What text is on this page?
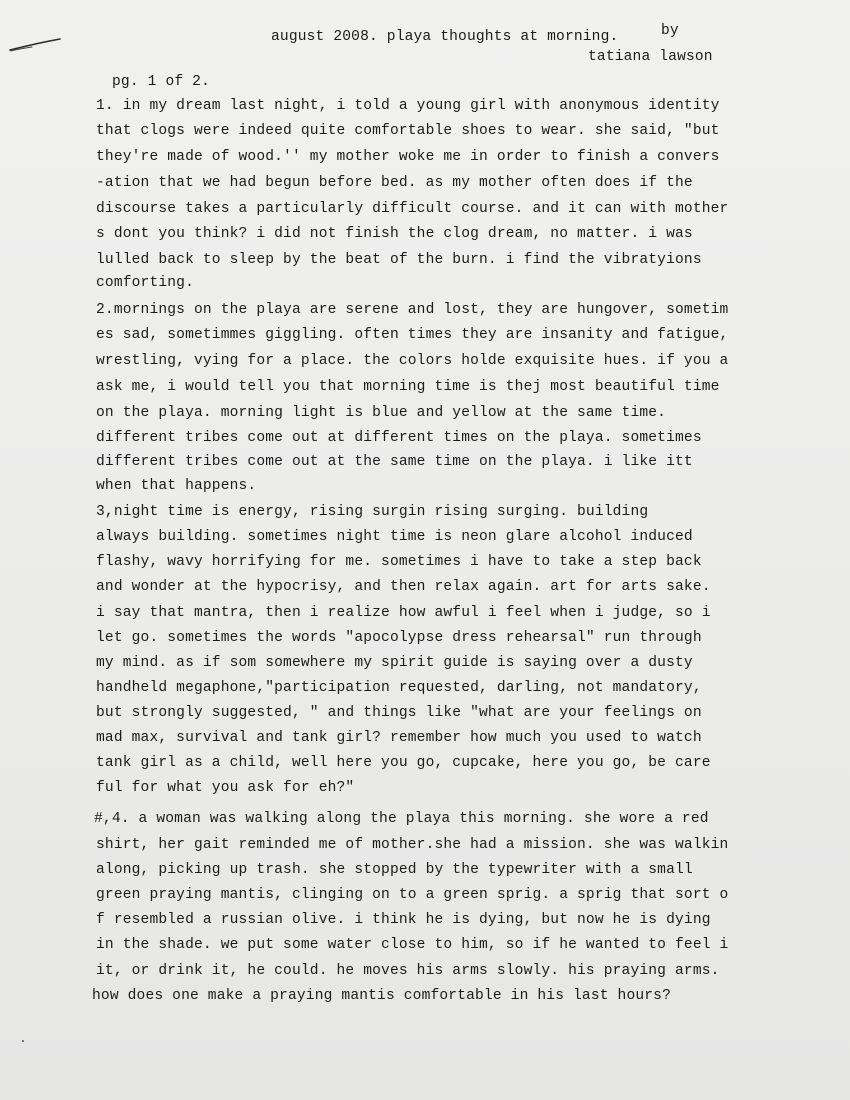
august 2008. playa thoughts at morning.	by
tatiana lawson
pg. 1 of 2.
1. in my dream last night, i told a young girl with anonymous identity
that clogs were indeed quite comfortable shoes to wear. she said, "but
they're made of wood.'' my mother woke me in order to finish a convers
-ation that we had begun before bed. as my mother often does if the
discourse takes a particularly difficult course. and it can with mother
s dont you think? i did not finish the clog dream, no matter. i was
lulled back to sleep by the beat of the burn. i find the vibratyions
comforting.
2.mornings on the playa are serene and lost, they are hungover, sometim
es sad, sometimmes giggling. often times they are insanity and fatigue,
wrestling, vying for a place. the colors holde exquisite hues. if you a
ask me, i would tell you that morning time is thej most beautiful time
on the playa. morning light is blue and yellow at the same time.
different tribes come out at different times on the playa. sometimes
different tribes come out at the same time on the playa. i like itt
when that happens.
3,night time is energy, rising surgin rising surging. building
always building. sometimes night time is neon glare alcohol induced
flashy, wavy horrifying for me. sometimes i have to take a step back
and wonder at the hypocrisy, and then relax again. art for arts sake.
i say that mantra, then i realize how awful i feel when i judge, so i
let go. sometimes the words "apocolypse dress rehearsal" run through
my mind. as if som somewhere my spirit guide is saying over a dusty
handheld megaphone,"participation requested, darling, not mandatory,
but strongly suggested, " and things like "what are your feelings on
mad max, survival and tank girl? remember how much you used to watch
tank girl as a child, well here you go, cupcake, here you go, be care
ful for what you ask for eh?"
#,4. a woman was walking along the playa this morning. she wore a red
shirt, her gait reminded me of mother.she had a mission. she was walkin
along, picking up trash. she stopped by the typewriter with a small
green praying mantis, clinging on to a green sprig. a sprig that sort o
f resembled a russian olive. i think he is dying, but now he is dying
in the shade. we put some water close to him, so if he wanted to feel i
it, or drink it, he could. he moves his arms slowly. his praying arms.
how does one make a praying mantis comfortable in his last hours?
